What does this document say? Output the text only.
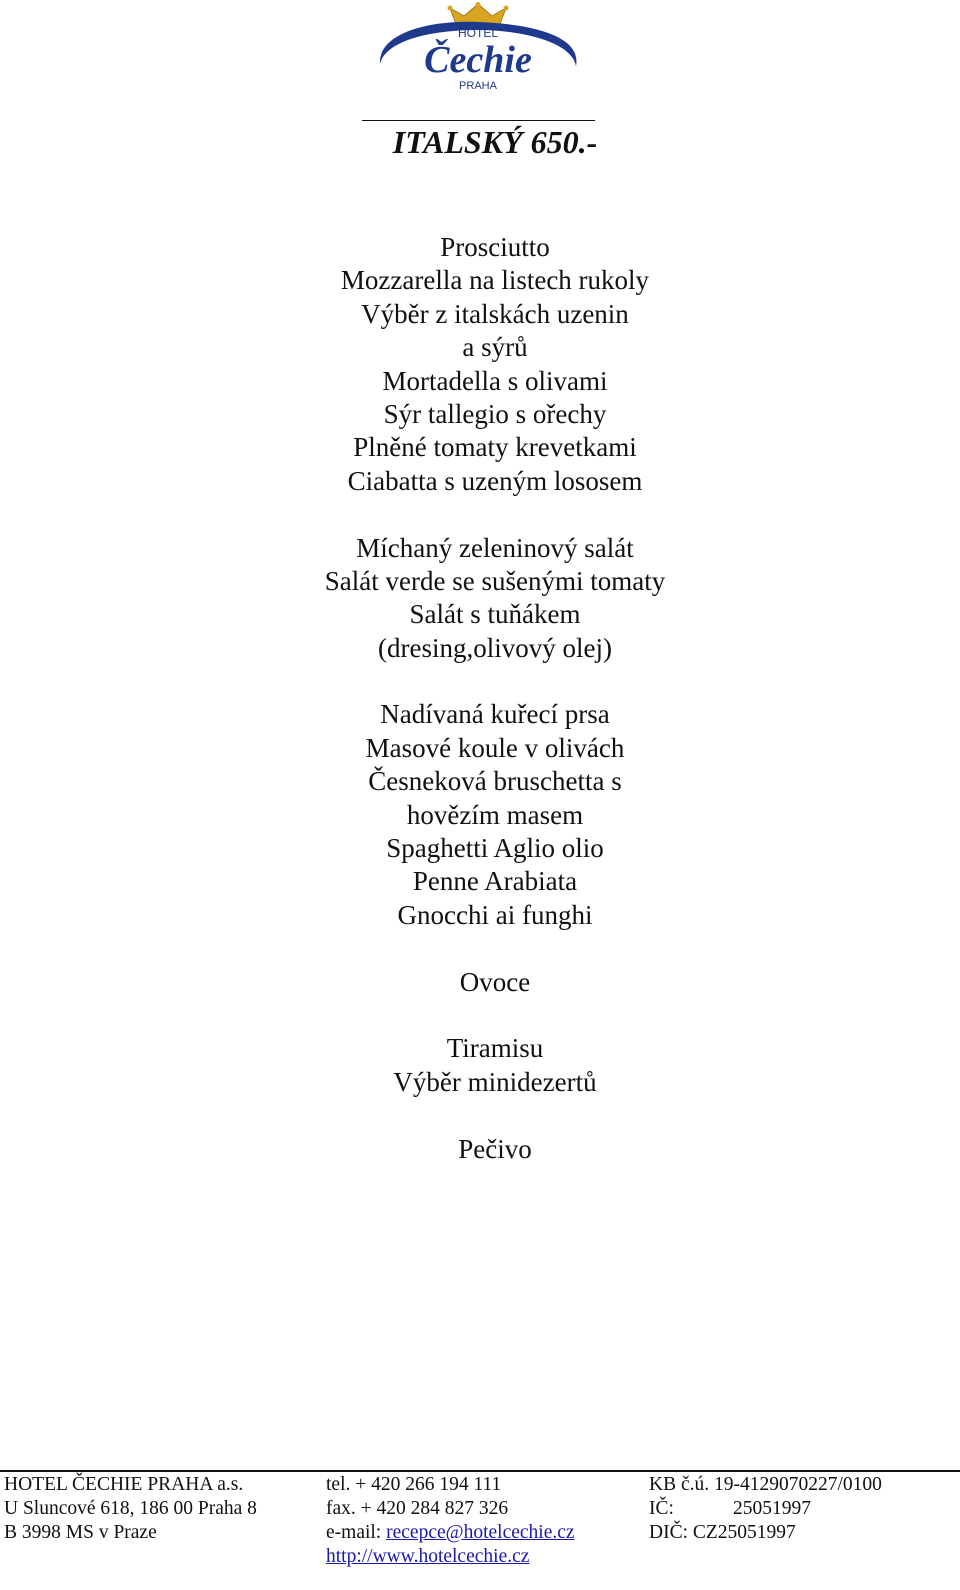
HOTEL
Čechie
PRAHA
ITALSKÝ 650.-
Prosciutto
Mozzarella na listech rukoly
Výběr z italskách uzenin
a sýrů
Mortadella s olivami
Sýr tallegio s ořechy
Plněné tomaty krevetkami
Ciabatta s uzeným lososem
Míchaný zeleninový salát
Salát verde se sušenými tomaty
Salát s tuňákem
(dresing,olivový olej)
Nadívaná kuřecí prsa
Masové koule v olivách
Česneková bruschetta s
hovězím masem
Spaghetti Aglio olio
Penne Arabiata
Gnocchi ai funghi
Ovoce
Tiramisu
Výběr minidezertů
Pečivo
HOTEL ČECHIE PRAHA a.s.
U Sluncové 618, 186 00 Praha 8
B 3998 MS v Praze
tel. + 420 266 194 111
fax. + 420 284 827 326
e-mail: recepce@hotelcechie.cz
http://www.hotelcechie.cz
KB č.ú. 19-4129070227/0100
IČ:	25051997
DIČ: CZ25051997
